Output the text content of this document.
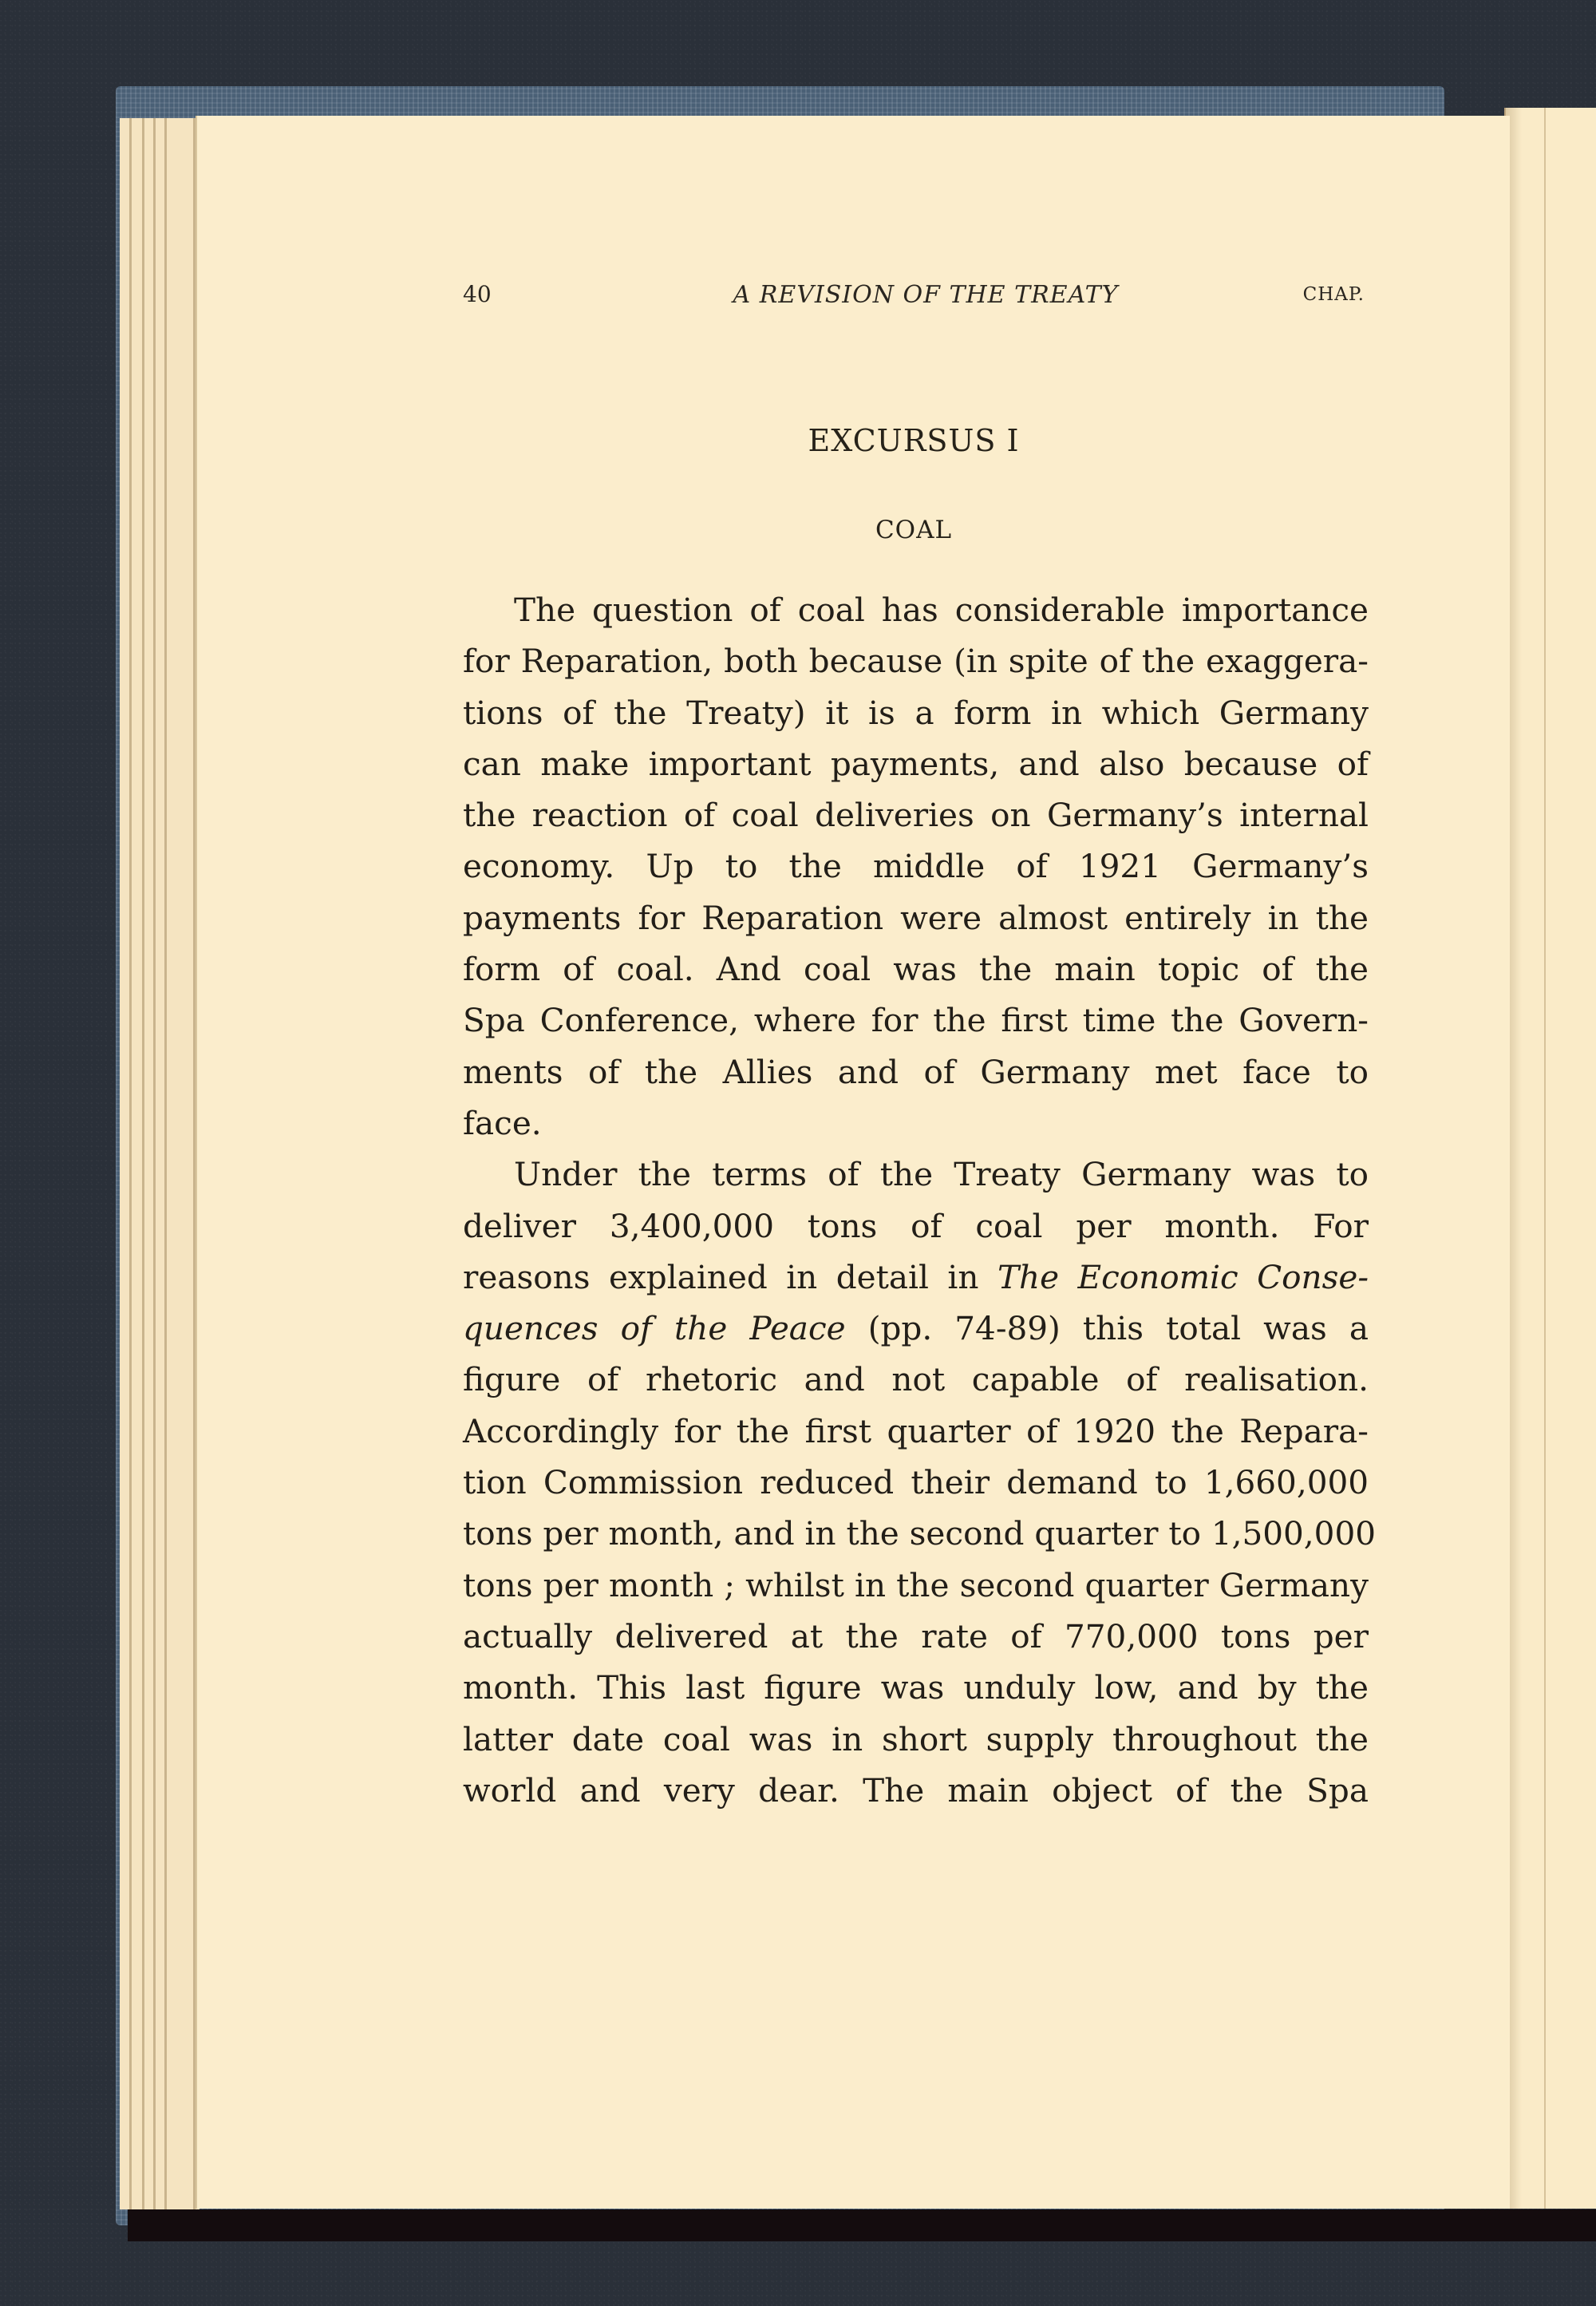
40	A REVISION OF THE TREATY	CHAP.
EXCURSUS I
COAL
The question of coal has considerable importance
for Reparation, both because (in spite of the exaggera-
tions of the Treaty) it is a form in which Germany
can make important payments, and also because of
the reaction of coal deliveries on Germany’s internal
economy. Up to the middle of 1921 Germany’s
payments for Reparation were almost entirely in the
form of coal. And coal was the main topic of the
Spa Conference, where for the first time the Govern-
ments of the Allies and of Germany met face to
face.
Under the terms of the Treaty Germany was to
deliver 3,400,000 tons of coal per month. For
reasons explained in detail in The Economic Conse-
quences of the Peace (pp. 74-89) this total was a
figure of rhetoric and not capable of realisation.
Accordingly for the first quarter of 1920 the Repara-
tion Commission reduced their demand to 1,660,000
tons per month, and in the second quarter to 1,500,000
tons per month ; whilst in the second quarter Germany
actually delivered at the rate of 770,000 tons per
month. This last figure was unduly low, and by the
latter date coal was in short supply throughout the
world and very dear. The main object of the Spa
